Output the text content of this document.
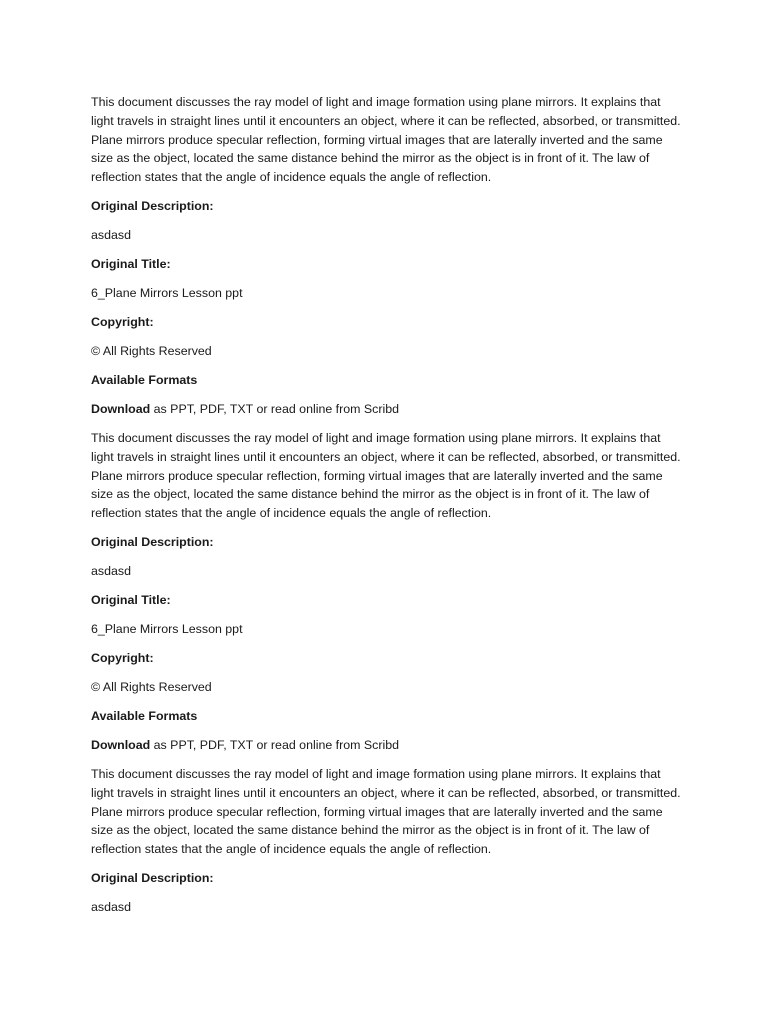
This document discusses the ray model of light and image formation using plane mirrors. It explains that light travels in straight lines until it encounters an object, where it can be reflected, absorbed, or transmitted. Plane mirrors produce specular reflection, forming virtual images that are laterally inverted and the same size as the object, located the same distance behind the mirror as the object is in front of it. The law of reflection states that the angle of incidence equals the angle of reflection.

Original Description:
asdasd
Original Title:
6_Plane Mirrors Lesson ppt
Copyright:
© All Rights Reserved
Available Formats
Download as PPT, PDF, TXT or read online from Scribd

This document discusses the ray model of light and image formation using plane mirrors. It explains that light travels in straight lines until it encounters an object, where it can be reflected, absorbed, or transmitted. Plane mirrors produce specular reflection, forming virtual images that are laterally inverted and the same size as the object, located the same distance behind the mirror as the object is in front of it. The law of reflection states that the angle of incidence equals the angle of reflection.

Original Description:
asdasd
Original Title:
6_Plane Mirrors Lesson ppt
Copyright:
© All Rights Reserved
Available Formats
Download as PPT, PDF, TXT or read online from Scribd

This document discusses the ray model of light and image formation using plane mirrors. It explains that light travels in straight lines until it encounters an object, where it can be reflected, absorbed, or transmitted. Plane mirrors produce specular reflection, forming virtual images that are laterally inverted and the same size as the object, located the same distance behind the mirror as the object is in front of it. The law of reflection states that the angle of incidence equals the angle of reflection.

Original Description:
asdasd
